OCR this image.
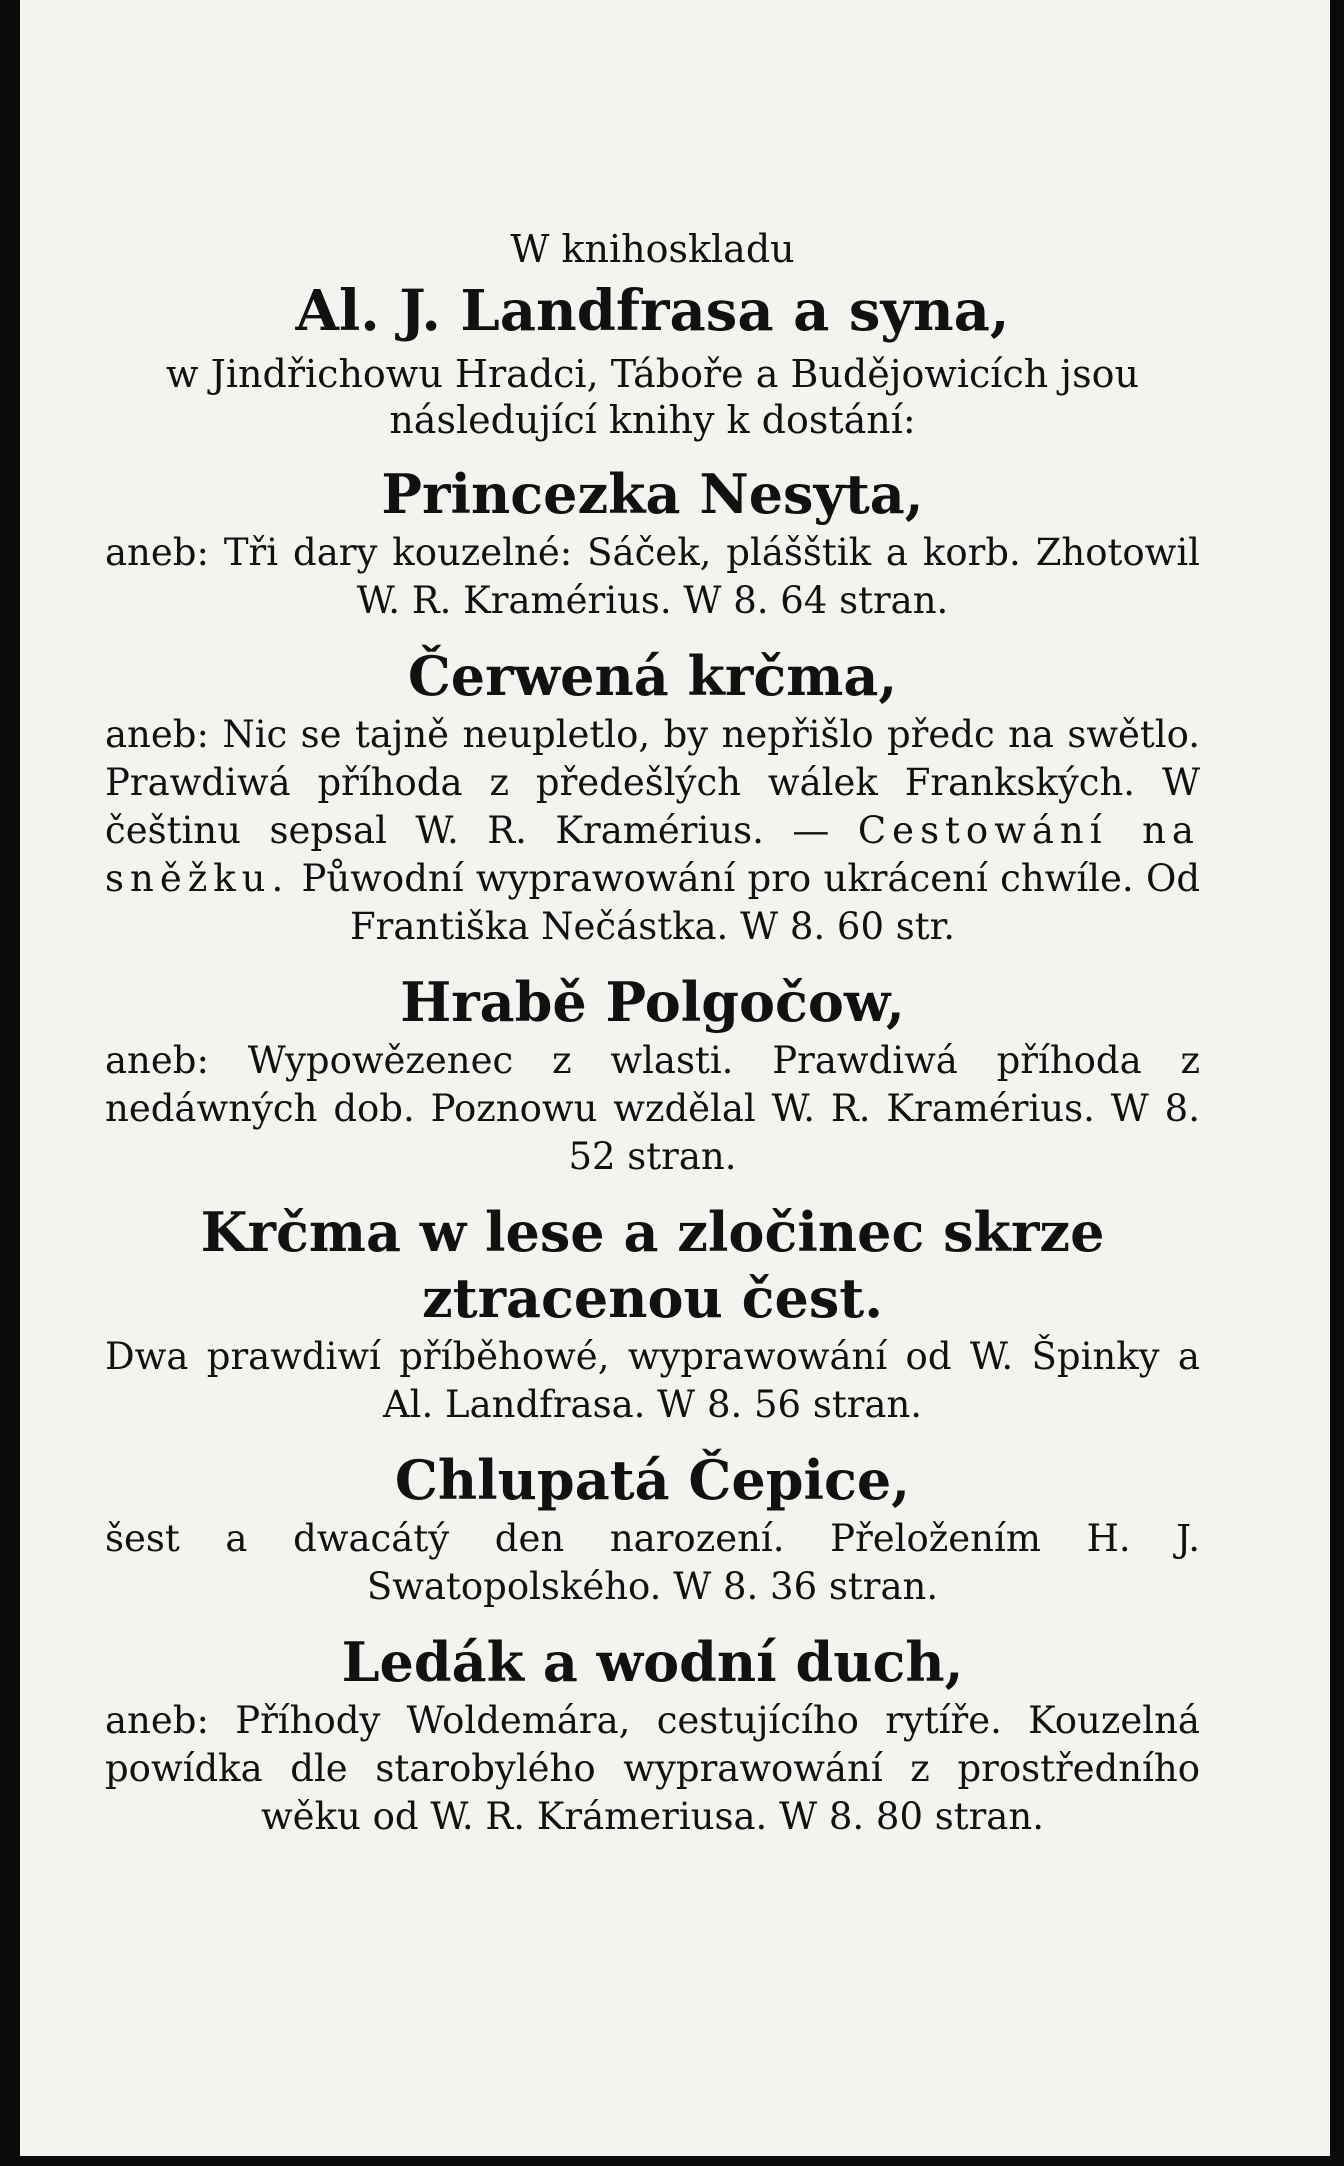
W knihoskladu

Al. J. Landfrasa a syna,

w Jindřichowu Hradci, Táboře a Budějowicích jsou následující knihy k dostání:

Princezka Nesyta,

aneb: Tři dary kouzelné: Sáček, plášštik a korb. Zhotowil W. R. Kramérius. W 8. 64 stran.

Čerwená krčma,

aneb: Nic se tajně neupletlo, by nepřišlo předc na swětlo. Prawdiwá příhoda z předešlých wálek Frankských. W češtinu sepsal W. R. Kramérius. — Cestowání na sněžku. Půwodní wyprawowání pro ukrácení chwíle. Od Františka Nečástka. W 8. 60 str.

Hrabě Polgočow,

aneb: Wypowězenec z wlasti. Prawdiwá příhoda z nedáwných dob. Poznowu wzdělal W. R. Kramérius. W 8. 52 stran.

Krčma w lese a zločinec skrze ztracenou čest.

Dwa prawdiwí příběhowé, wyprawowání od W. Špinky a Al. Landfrasa. W 8. 56 stran.

Chlupatá Čepice,

šest a dwacátý den narození. Přeložením H. J. Swatopolského. W 8. 36 stran.

Ledák a wodní duch,

aneb: Příhody Woldemára, cestujícího rytíře. Kouzelná powídka dle starobylého wyprawowání z prostředního wěku od W. R. Krámeriusa. W 8. 80 stran.
